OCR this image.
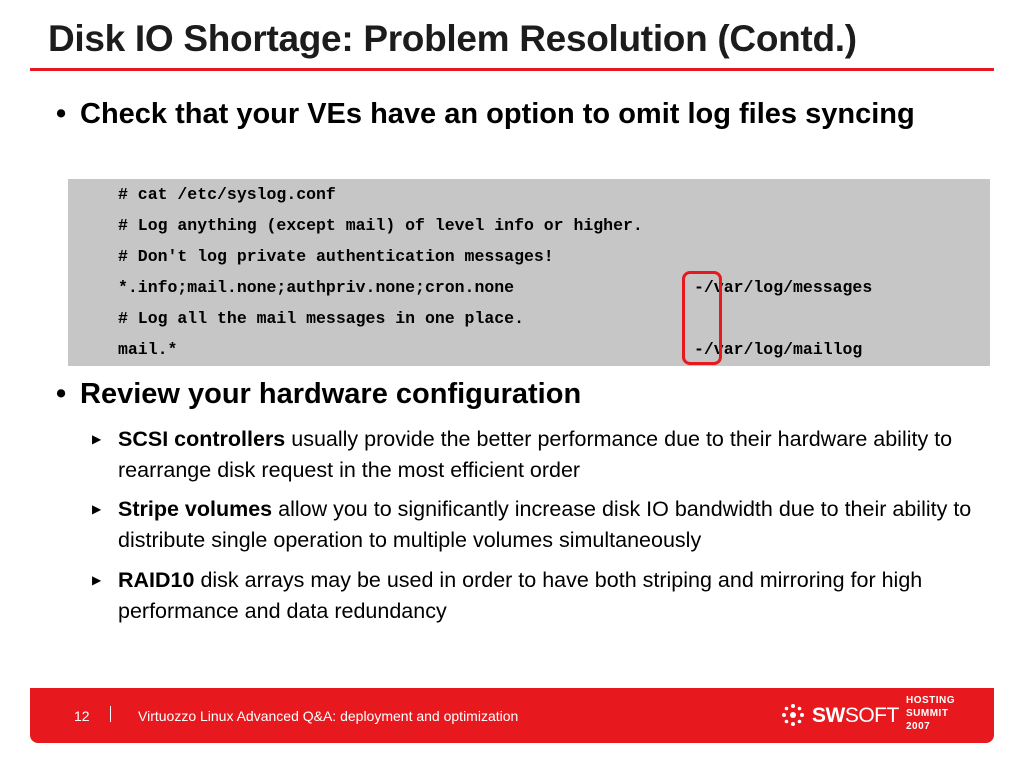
Disk IO Shortage: Problem Resolution (Contd.)
• Check that your VEs have an option to omit log files syncing
# cat /etc/syslog.conf
# Log anything (except mail) of level info or higher.
# Don't log private authentication messages!
*.info;mail.none;authpriv.none;cron.none	-/var/log/messages
# Log all the mail messages in one place.
mail.*	-/var/log/maillog
• Review your hardware configuration
▶ SCSI controllers usually provide the better performance due to their hardware ability to rearrange disk request in the most efficient order
▶ Stripe volumes allow you to significantly increase disk IO bandwidth due to their ability to distribute single operation to multiple volumes simultaneously
▶ RAID10 disk arrays may be used in order to have both striping and mirroring for high performance and data redundancy
12	Virtuozzo Linux Advanced Q&A: deployment and optimization	SWSOFT
HOSTING
SUMMIT
2007
